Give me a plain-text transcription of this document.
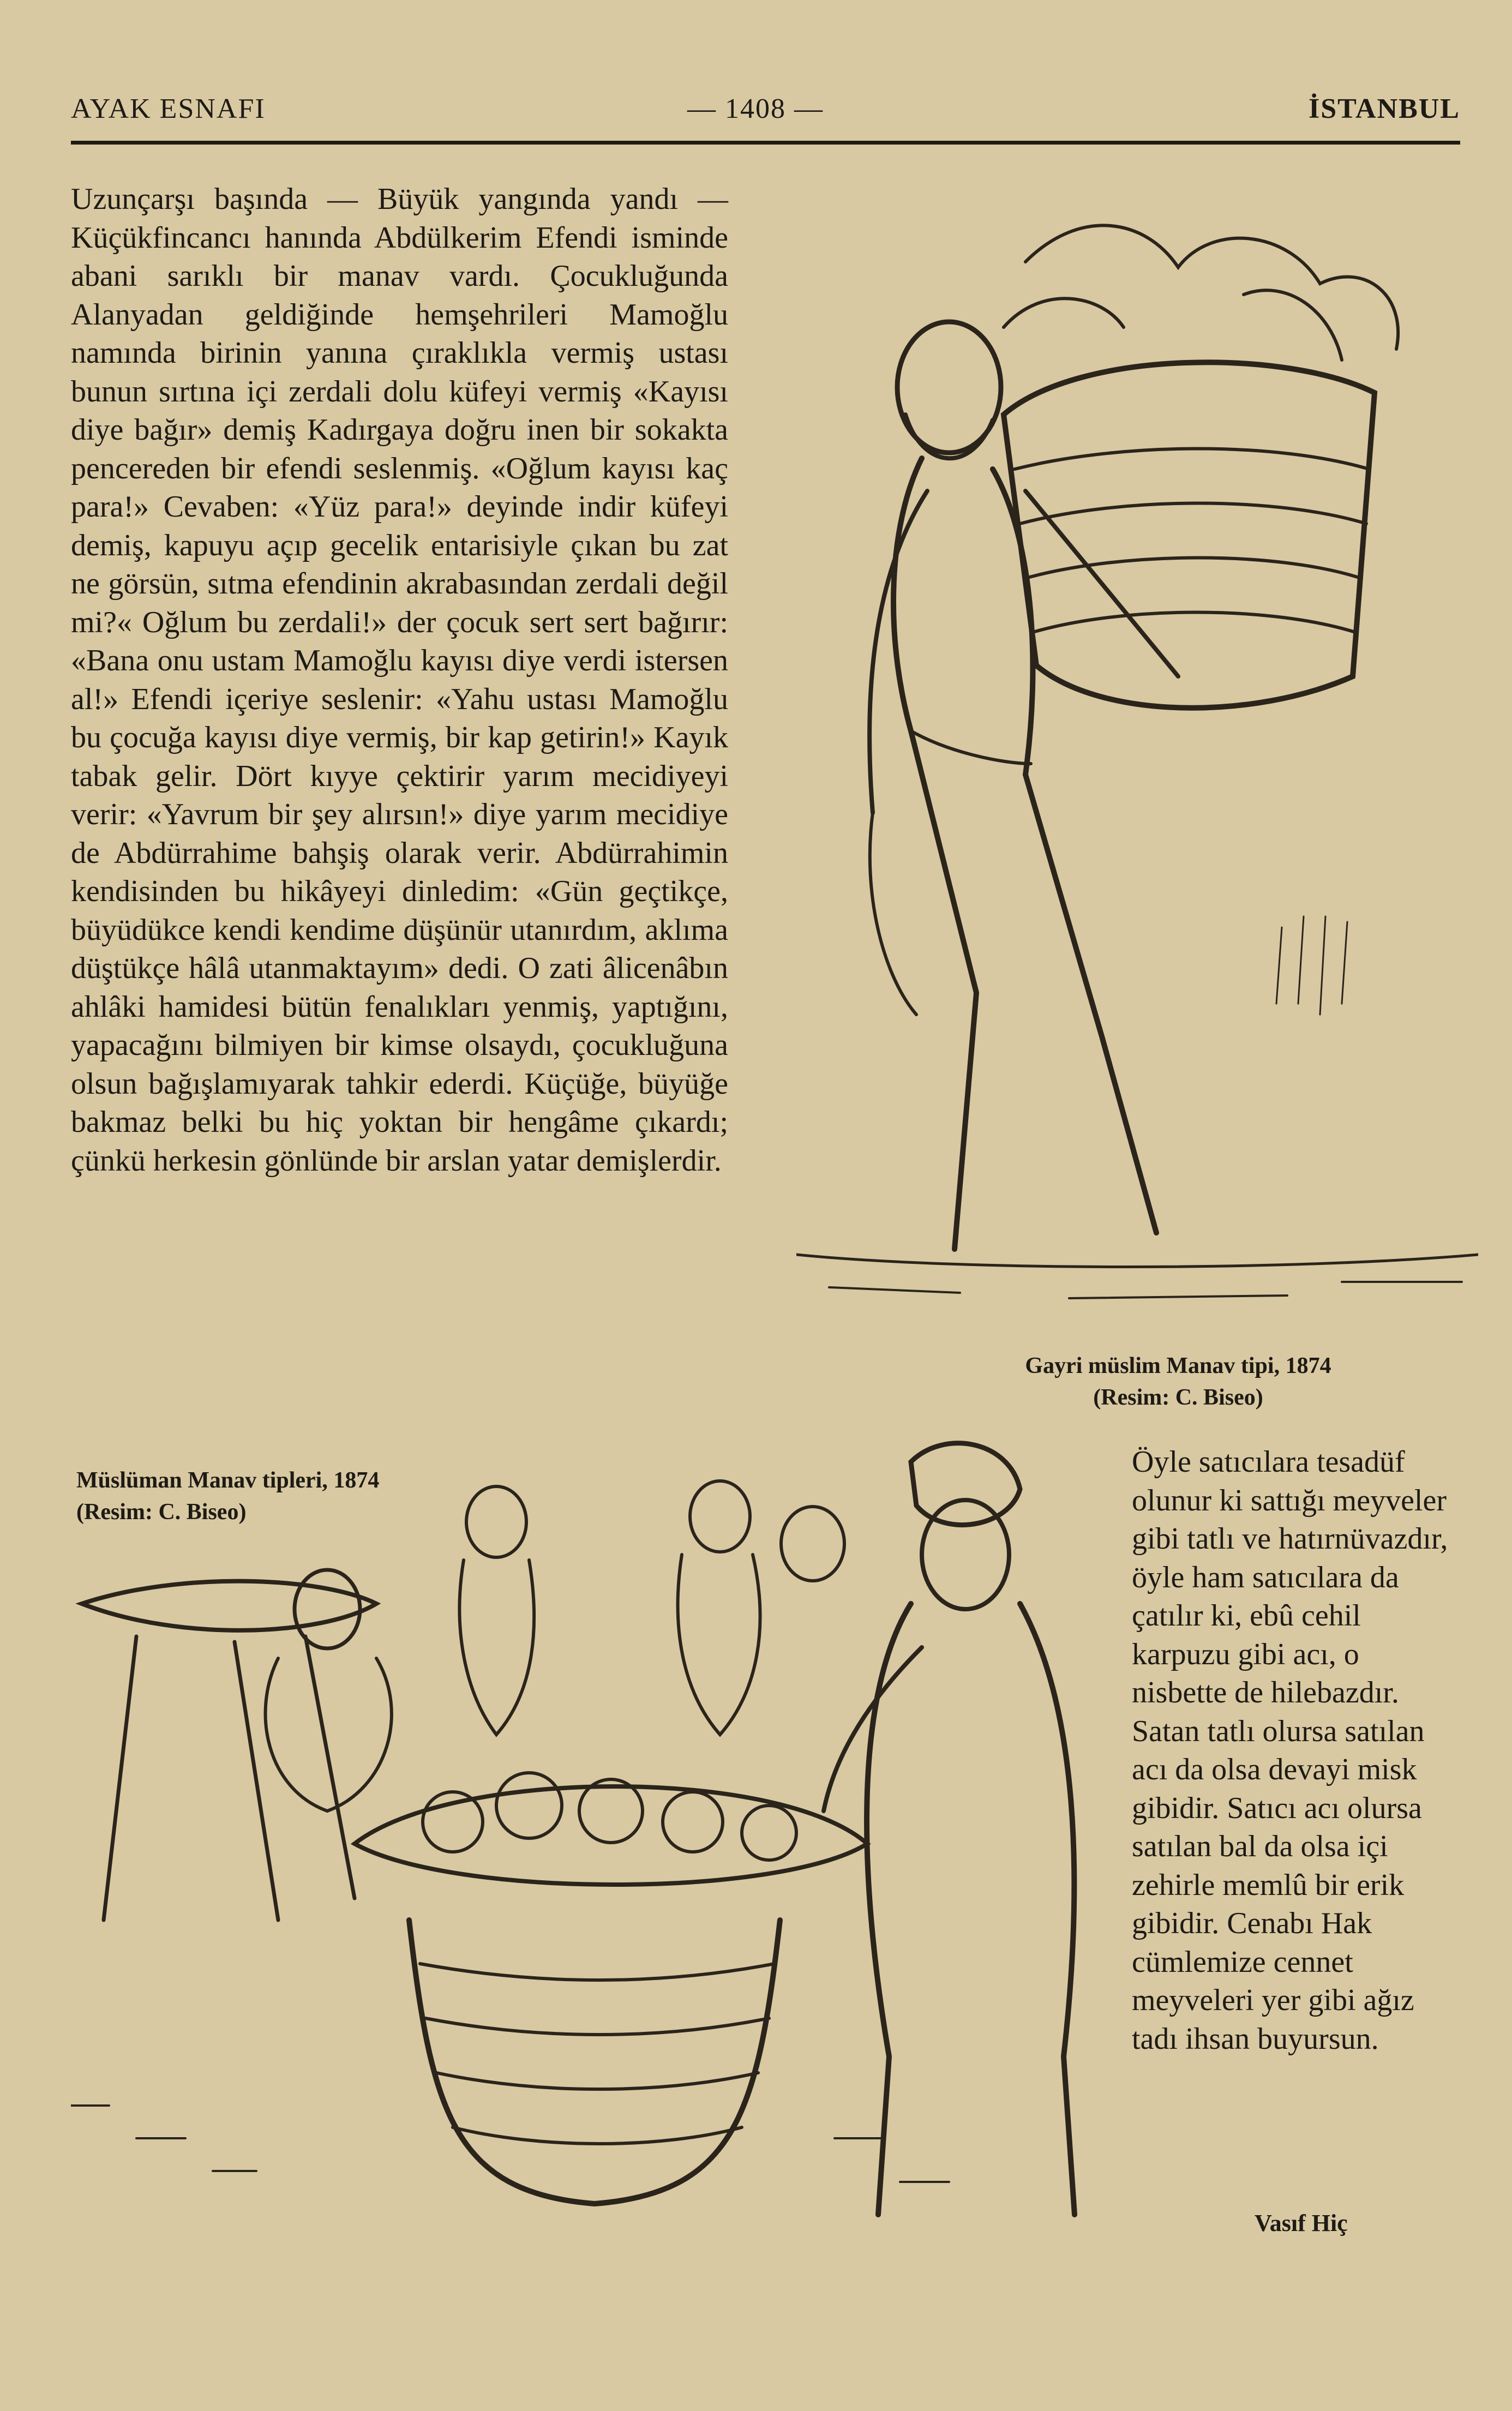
AYAK ESNAFI	— 1408 —	İSTANBUL
Uzunçarşı başında — Büyük yangında yandı — Küçükfincancı hanında Abdülkerim Efendi isminde abani sarıklı bir manav vardı. Çocukluğunda Alanyadan geldiğinde hemşehrileri Mamoğlu namında birinin yanına çıraklıkla vermiş ustası bunun sırtına içi zerdali dolu küfeyi vermiş «Kayısı diye bağır» demiş Kadırgaya doğru inen bir sokakta pencereden bir efendi seslenmiş. «Oğlum kayısı kaç para!» Cevaben: «Yüz para!» deyinde indir küfeyi demiş, kapuyu açıp gecelik entarisiyle çıkan bu zat ne görsün, sıtma efendinin akrabasından zerdali değil mi?« Oğlum bu zerdali!» der çocuk sert sert bağırır: «Bana onu ustam Mamoğlu kayısı diye verdi istersen al!» Efendi içeriye seslenir: «Yahu ustası Mamoğlu bu çocuğa kayısı diye vermiş, bir kap getirin!» Kayık tabak gelir. Dört kıyye çektirir yarım mecidiyeyi verir: «Yavrum bir şey alırsın!» diye yarım mecidiye de Abdürrahime bahşiş olarak verir. Abdürrahimin kendisinden bu hikâyeyi dinledim: «Gün geçtikçe, büyüdükce kendi kendime düşünür utanırdım, aklıma düştükçe hâlâ utanmaktayım» dedi. O zati âlicenâbın ahlâki hamidesi bütün fenalıkları yenmiş, yaptığını, yapacağını bilmiyen bir kimse olsaydı, çocukluğuna olsun bağışlamıyarak tahkir ederdi. Küçüğe, büyüğe bakmaz belki bu hiç yoktan bir hengâme çıkardı; çünkü herkesin gönlünde bir arslan yatar demişlerdir.
Gayri müslim Manav tipi, 1874
(Resim: C. Biseo)
Müslüman Manav tipleri, 1874
(Resim: C. Biseo)
Öyle satıcılara tesadüf olunur ki sattığı meyveler gibi tatlı ve hatırnüvazdır, öyle ham satıcılara da çatılır ki, ebû cehil karpuzu gibi acı, o nisbette de hilebazdır. Satan tatlı olursa satılan acı da olsa devayi misk gibidir. Satıcı acı olursa satılan bal da olsa içi zehirle memlû bir erik gibidir. Cenabı Hak cümlemize cennet meyveleri yer gibi ağız tadı ihsan buyursun.
Vasıf Hiç
